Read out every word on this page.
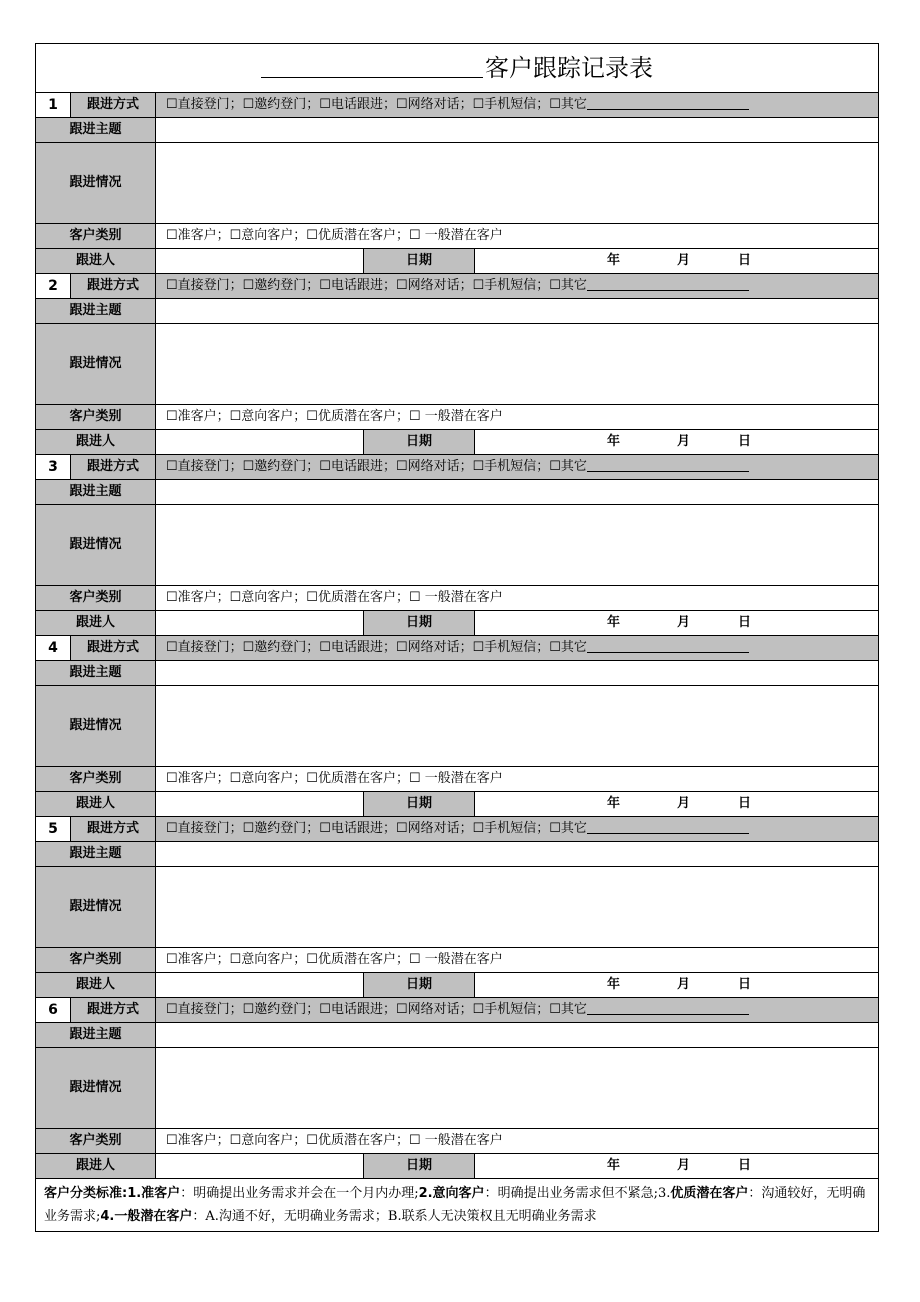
客户跟踪记录表				
1	跟进方式	☐直接登门；☐邀约登门；☐电话跟进；☐网络对话；☐手机短信；☐其它		
跟进主题				
跟进情况				
客户类别		☐准客户；☐意向客户；☐优质潜在客户；☐ 一般潜在客户		
跟进人			日期	年 月 日

2	跟进方式	☐直接登门；☐邀约登门；☐电话跟进；☐网络对话；☐手机短信；☐其它		
跟进主题				
跟进情况				
客户类别		☐准客户；☐意向客户；☐优质潜在客户；☐ 一般潜在客户		
跟进人			日期	年 月 日

3	跟进方式	☐直接登门；☐邀约登门；☐电话跟进；☐网络对话；☐手机短信；☐其它		
跟进主题				
跟进情况				
客户类别		☐准客户；☐意向客户；☐优质潜在客户；☐ 一般潜在客户		
跟进人			日期	年 月 日

4	跟进方式	☐直接登门；☐邀约登门；☐电话跟进；☐网络对话；☐手机短信；☐其它		
跟进主题				
跟进情况				
客户类别		☐准客户；☐意向客户；☐优质潜在客户；☐ 一般潜在客户		
跟进人			日期	年 月 日

5	跟进方式	☐直接登门；☐邀约登门；☐电话跟进；☐网络对话；☐手机短信；☐其它		
跟进主题				
跟进情况				
客户类别		☐准客户；☐意向客户；☐优质潜在客户；☐ 一般潜在客户		
跟进人			日期	年 月 日

6	跟进方式	☐直接登门；☐邀约登门；☐电话跟进；☐网络对话；☐手机短信；☐其它		
跟进主题				
跟进情况				
客户类别		☐准客户；☐意向客户；☐优质潜在客户；☐ 一般潜在客户		
跟进人			日期	年 月 日

客户分类标准:1.准客户：明确提出业务需求并会在一个月内办理;2.意向客户：明确提出业务需求但不紧急;3.优质潜在客户：沟通较好，无明确业务需求;4.一般潜在客户：A.沟通不好，无明确业务需求；B.联系人无决策权且无明确业务需求				
